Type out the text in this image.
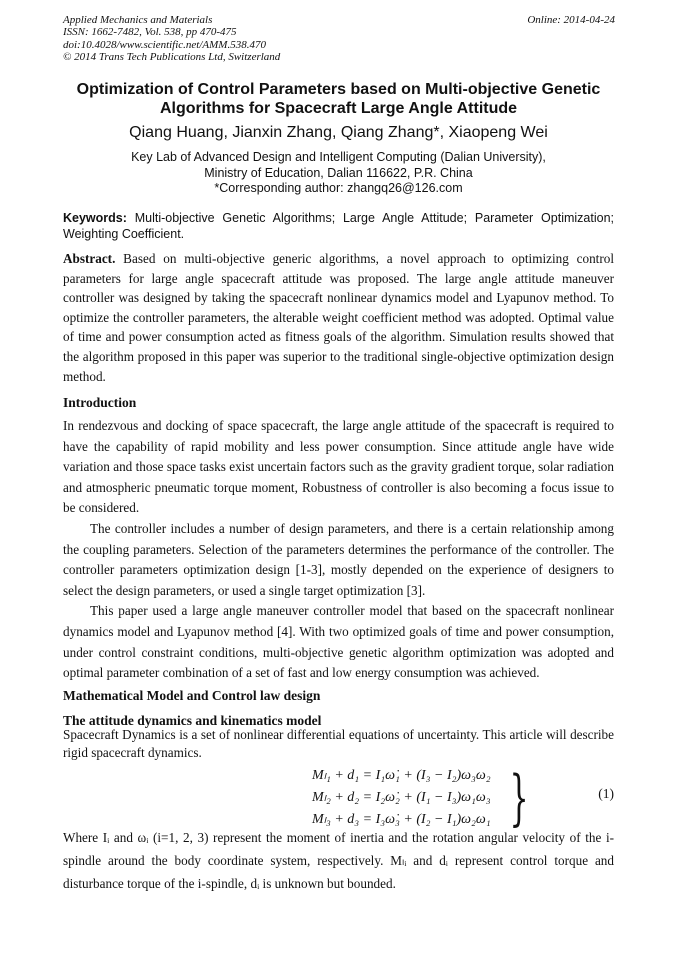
Applied Mechanics and Materials
ISSN: 1662-7482, Vol. 538, pp 470-475
doi:10.4028/www.scientific.net/AMM.538.470
© 2014 Trans Tech Publications Ltd, Switzerland
Online: 2014-04-24
Optimization of Control Parameters based on Multi-objective Genetic Algorithms for Spacecraft Large Angle Attitude
Qiang Huang, Jianxin Zhang, Qiang Zhang*, Xiaopeng Wei
Key Lab of Advanced Design and Intelligent Computing (Dalian University),
Ministry of Education, Dalian 116622, P.R. China
*Corresponding author: zhangq26@126.com
Keywords: Multi-objective Genetic Algorithms; Large Angle Attitude; Parameter Optimization; Weighting Coefficient.
Abstract. Based on multi-objective generic algorithms, a novel approach to optimizing control parameters for large angle spacecraft attitude was proposed. The large angle attitude maneuver controller was designed by taking the spacecraft nonlinear dynamics model and Lyapunov method. To optimize the controller parameters, the alterable weight coefficient method was adopted. Optimal value of time and power consumption acted as fitness goals of the algorithm. Simulation results showed that the algorithm proposed in this paper was superior to the traditional single-objective optimization design method.
Introduction
In rendezvous and docking of space spacecraft, the large angle attitude of the spacecraft is required to have the capability of rapid mobility and less power consumption. Since attitude angle have wide variation and those space tasks exist uncertain factors such as the gravity gradient torque, solar radiation and atmospheric pneumatic torque moment, Robustness of controller is also becoming a focus issue to be considered.
The controller includes a number of design parameters, and there is a certain relationship among the coupling parameters. Selection of the parameters determines the performance of the controller. The controller parameters optimization design [1-3], mostly depended on the experience of designers to select the design parameters, or used a single target optimization [3].
This paper used a large angle maneuver controller model that based on the spacecraft nonlinear dynamics model and Lyapunov method [4]. With two optimized goals of time and power consumption, under control constraint conditions, multi-objective genetic algorithm optimization was adopted and optimal parameter combination of a set of fast and low energy consumption was achieved.
Mathematical Model and Control law design
The attitude dynamics and kinematics model
Spacecraft Dynamics is a set of nonlinear differential equations of uncertainty. This article will describe rigid spacecraft dynamics.
Mₗ₁ + d₁ = I₁ω̇₁ + (I₃ − I₂)ω₃ω₂
Mₗ₂ + d₂ = I₂ω̇₂ + (I₁ − I₃)ω₁ω₃
Mₗ₃ + d₃ = I₃ω̇₃ + (I₂ − I₁)ω₂ω₁ }	(1)
Where Iᵢ and ωᵢ (i=1, 2, 3) represent the moment of inertia and the rotation angular velocity of the i-spindle around the body coordinate system, respectively. Mₗᵢ and dᵢ represent control torque and disturbance torque of the i-spindle, dᵢ is unknown but bounded.
